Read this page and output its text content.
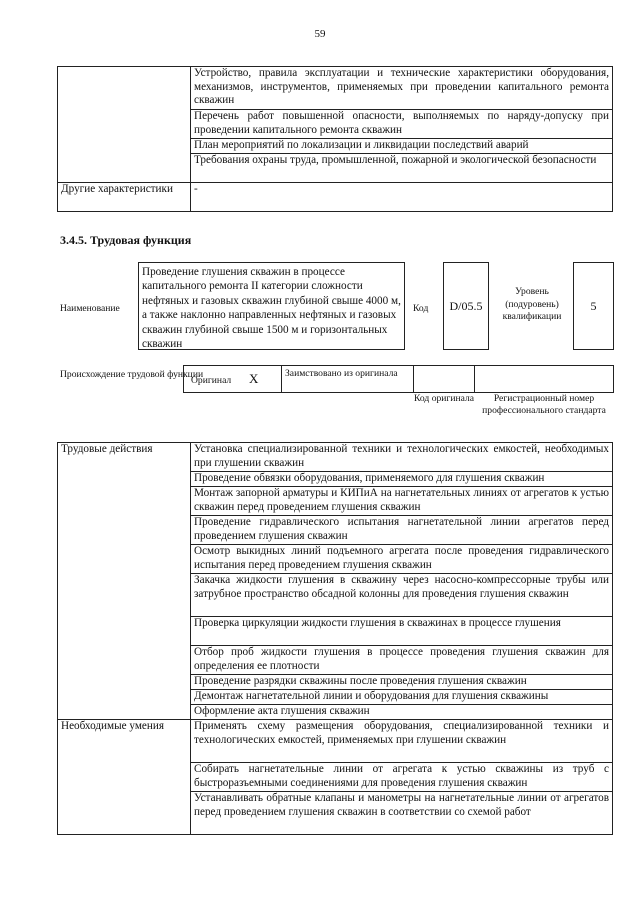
59
	Устройство, правила эксплуатации и технические характеристики оборудования, механизмов, инструментов, применяемых при проведении капитального ремонта скважин
	Перечень работ повышенной опасности, выполняемых по наряду-допуску при проведении капитального ремонта скважин
	План мероприятий по локализации и ликвидации последствий аварий
	Требования охраны труда, промышленной, пожарной и экологической безопасности
Другие характеристики	-
3.4.5. Трудовая функция
Наименование
Проведение глушения скважин в процессе капитального ремонта II категории сложности нефтяных и газовых скважин глубиной свыше 4000 м, а также наклонно направленных нефтяных и газовых скважин глубиной свыше 1500 м и горизонтальных скважин
Код	D/05.5
Уровень (подуровень) квалификации
5
Происхождение трудовой функции
Оригинал X	Заимствовано из оригинала
Код оригинала	Регистрационный номер профессионального стандарта
Трудовые действия	Установка специализированной техники и технологических емкостей, необходимых при глушении скважин
	Проведение обвязки оборудования, применяемого для глушения скважин
	Монтаж запорной арматуры и КИПиА на нагнетательных линиях от агрегатов к устью скважин перед проведением глушения скважин
	Проведение гидравлического испытания нагнетательной линии агрегатов перед проведением глушения скважин
	Осмотр выкидных линий подъемного агрегата после проведения гидравлического испытания перед проведением глушения скважин
	Закачка жидкости глушения в скважину через насосно-компрессорные трубы или затрубное пространство обсадной колонны для проведения глушения скважин
	Проверка циркуляции жидкости глушения в скважинах в процессе глушения
	Отбор проб жидкости глушения в процессе проведения глушения скважин для определения ее плотности
	Проведение разрядки скважины после проведения глушения скважин
	Демонтаж нагнетательной линии и оборудования для глушения скважины
	Оформление акта глушения скважин
Необходимые умения	Применять схему размещения оборудования, специализированной техники и технологических емкостей, применяемых при глушении скважин
	Собирать нагнетательные линии от агрегата к устью скважины из труб с быстроразъемными соединениями для проведения глушения скважин
	Устанавливать обратные клапаны и манометры на нагнетательные линии от агрегатов перед проведением глушения скважин в соответствии со схемой работ
